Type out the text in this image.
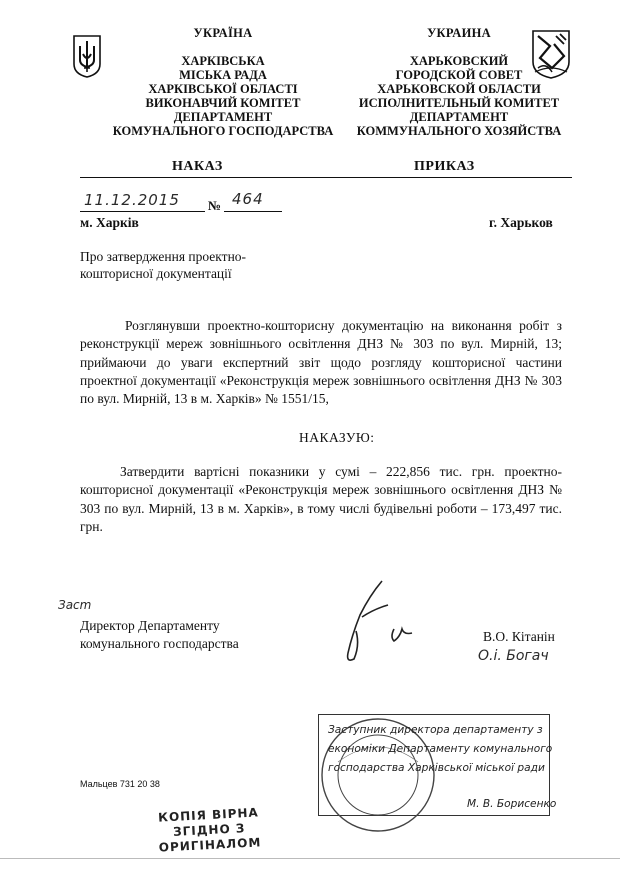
УКРАЇНА
ХАРКІВСЬКА
МІСЬКА РАДА
ХАРКІВСЬКОЇ ОБЛАСТІ
ВИКОНАВЧИЙ КОМІТЕТ
ДЕПАРТАМЕНТ
КОМУНАЛЬНОГО ГОСПОДАРСТВА
УКРАИНА
ХАРЬКОВСКИЙ
ГОРОДСКОЙ СОВЕТ
ХАРЬКОВСКОЙ ОБЛАСТИ
ИСПОЛНИТЕЛЬНЫЙ КОМИТЕТ
ДЕПАРТАМЕНТ
КОММУНАЛЬНОГО ХОЗЯЙСТВА
НАКАЗ	ПРИКАЗ
11.12.2015 № 464
м. Харків	г. Харьков
Про затвердження проектно-
кошторисної документації
Розглянувши проектно-кошторисну документацію на виконання робіт з реконструкції мереж зовнішнього освітлення ДНЗ № 303 по вул. Мирній, 13; приймаючи до уваги експертний звіт щодо розгляду кошторисної частини проектної документації «Реконструкція мереж зовнішнього освітлення ДНЗ № 303 по вул. Мирній, 13 в м. Харків» № 1551/15,
НАКАЗУЮ:
Затвердити вартісні показники у сумі – 222,856 тис. грн. проектно-кошторисної документації «Реконструкція мереж зовнішнього освітлення ДНЗ № 303 по вул. Мирній, 13 в м. Харків», в тому числі будівельні роботи – 173,497 тис. грн.
Засm
Директор Департаменту
комунального господарства	В.О. Кітанін
О.і. Богач
Заступник директора департаменту з
економіки Департаменту комунального
господарства Харківської міської ради
М. В. Борисенко
Мальцев 731 20 38
КОПІЯ ВІРНА
ЗГІДНО З
ОРИГІНАЛОМ
